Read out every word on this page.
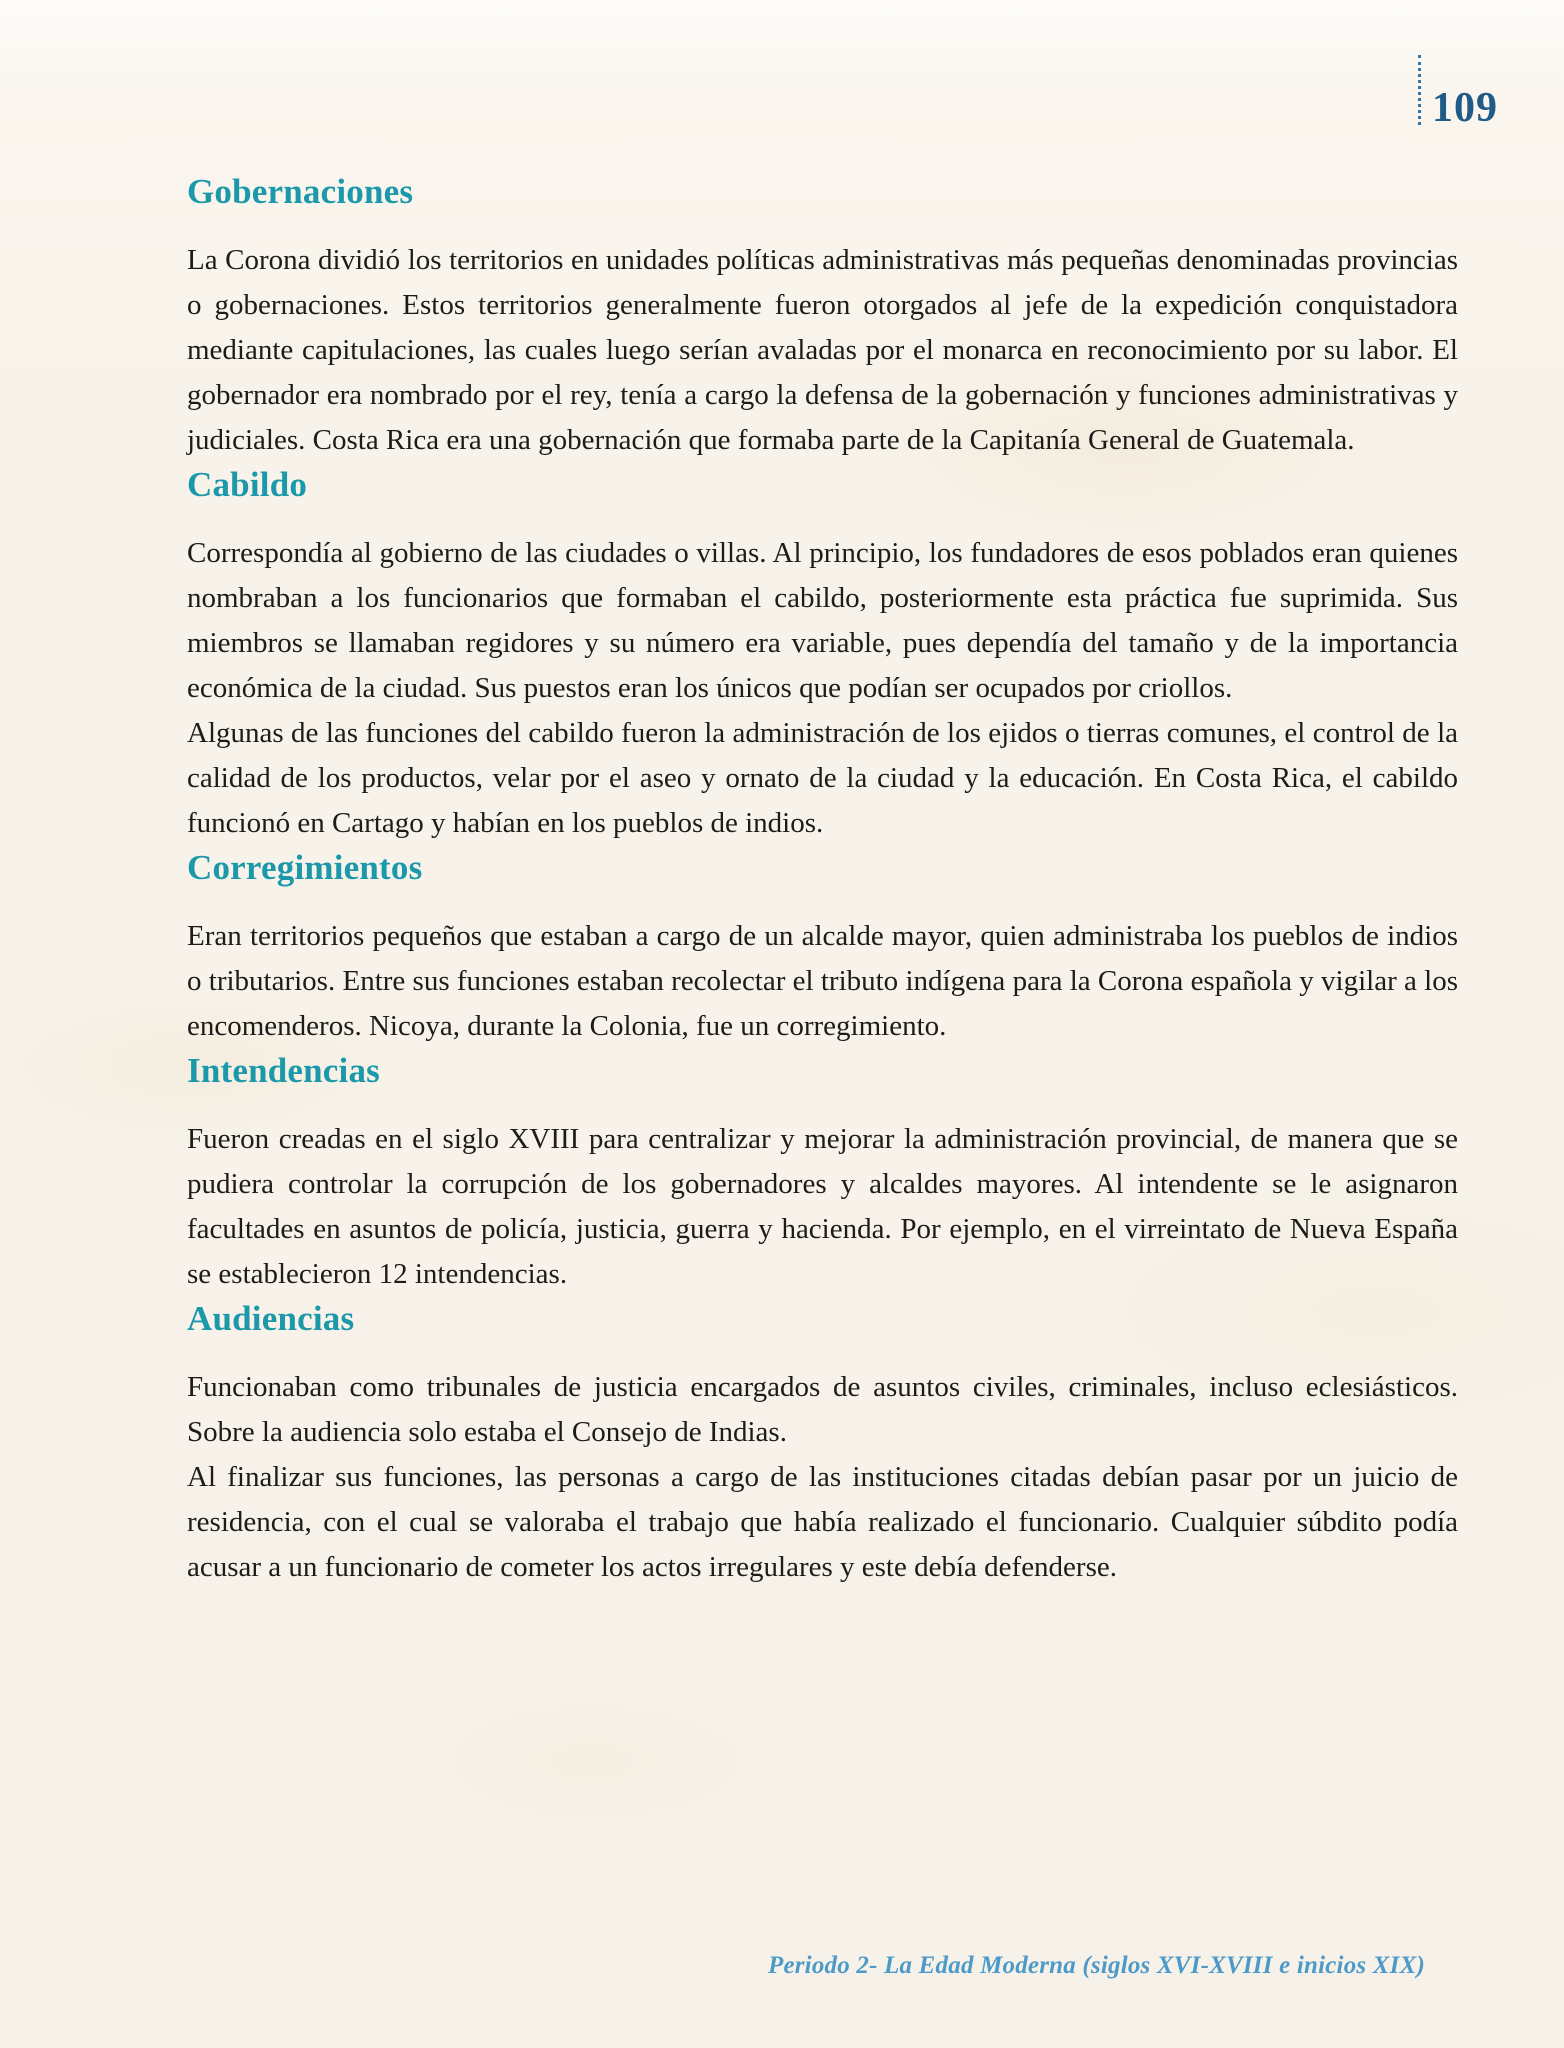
109
Gobernaciones

La Corona dividió los territorios en unidades políticas administrativas más pequeñas denominadas provincias o gobernaciones. Estos territorios generalmente fueron otorgados al jefe de la expedición conquistadora mediante capitulaciones, las cuales luego serían avaladas por el monarca en reconocimiento por su labor. El gobernador era nombrado por el rey, tenía a cargo la defensa de la gobernación y funciones administrativas y judiciales. Costa Rica era una gobernación que formaba parte de la Capitanía General de Guatemala.

Cabildo

Correspondía al gobierno de las ciudades o villas. Al principio, los fundadores de esos poblados eran quienes nombraban a los funcionarios que formaban el cabildo, posteriormente esta práctica fue suprimida. Sus miembros se llamaban regidores y su número era variable, pues dependía del tamaño y de la importancia económica de la ciudad. Sus puestos eran los únicos que podían ser ocupados por criollos.

Algunas de las funciones del cabildo fueron la administración de los ejidos o tierras comunes, el control de la calidad de los productos, velar por el aseo y ornato de la ciudad y la educación. En Costa Rica, el cabildo funcionó en Cartago y habían en los pueblos de indios.

Corregimientos

Eran territorios pequeños que estaban a cargo de un alcalde mayor, quien administraba los pueblos de indios o tributarios. Entre sus funciones estaban recolectar el tributo indígena para la Corona española y vigilar a los encomenderos. Nicoya, durante la Colonia, fue un corregimiento.

Intendencias

Fueron creadas en el siglo XVIII para centralizar y mejorar la administración provincial, de manera que se pudiera controlar la corrupción de los gobernadores y alcaldes mayores. Al intendente se le asignaron facultades en asuntos de policía, justicia, guerra y hacienda. Por ejemplo, en el virreintato de Nueva España se establecieron 12 intendencias.

Audiencias

Funcionaban como tribunales de justicia encargados de asuntos civiles, criminales, incluso eclesiásticos. Sobre la audiencia solo estaba el Consejo de Indias.

Al finalizar sus funciones, las personas a cargo de las instituciones citadas debían pasar por un juicio de residencia, con el cual se valoraba el trabajo que había realizado el funcionario. Cualquier súbdito podía acusar a un funcionario de cometer los actos irregulares y este debía defenderse.

Periodo 2- La Edad Moderna (siglos XVI-XVIII e inicios XIX)
